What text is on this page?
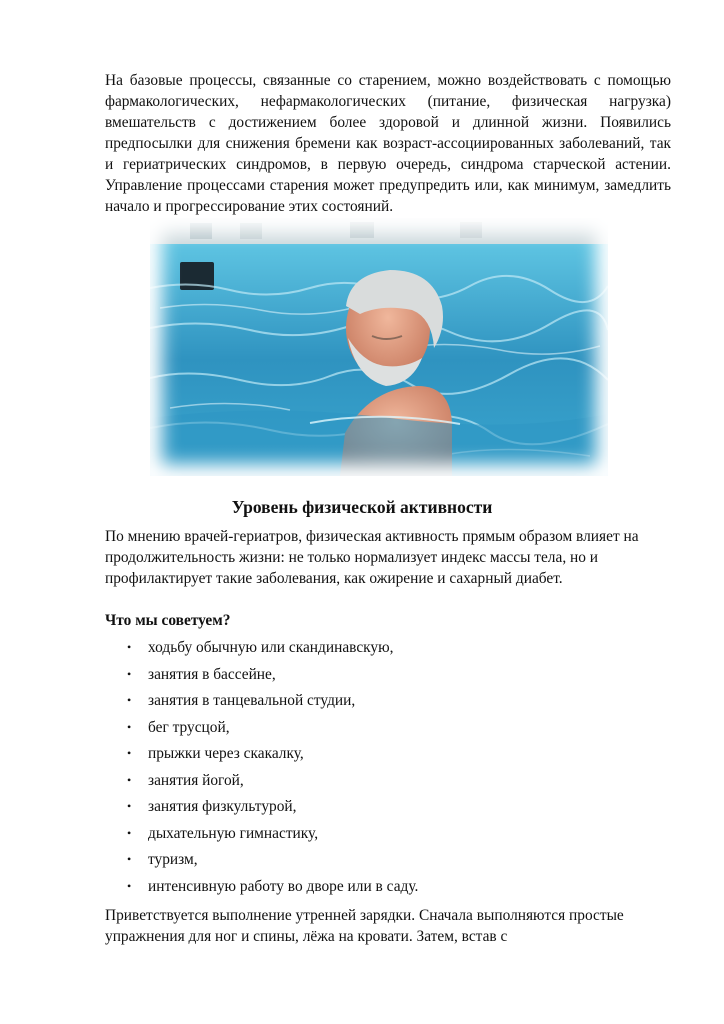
На базовые процессы, связанные со старением, можно воздействовать с помощью фармакологических, нефармакологических (питание, физическая нагрузка) вмешательств с достижением более здоровой и длинной жизни. Появились предпосылки для снижения бремени как возраст-ассоциированных заболеваний, так и гериатрических синдромов, в первую очередь, синдрома старческой астении. Управление процессами старения может предупредить или, как минимум, замедлить начало и прогрессирование этих состояний.

Уровень физической активности

По мнению врачей-гериатров, физическая активность прямым образом влияет на продолжительность жизни: не только нормализует индекс массы тела, но и профилактирует такие заболевания, как ожирение и сахарный диабет.

Что мы советуем?

• ходьбу обычную или скандинавскую,
• занятия в бассейне,
• занятия в танцевальной студии,
• бег трусцой,
• прыжки через скакалку,
• занятия йогой,
• занятия физкультурой,
• дыхательную гимнастику,
• туризм,
• интенсивную работу во дворе или в саду.

Приветствуется выполнение утренней зарядки. Сначала выполняются простые упражнения для ног и спины, лёжа на кровати. Затем, встав с
